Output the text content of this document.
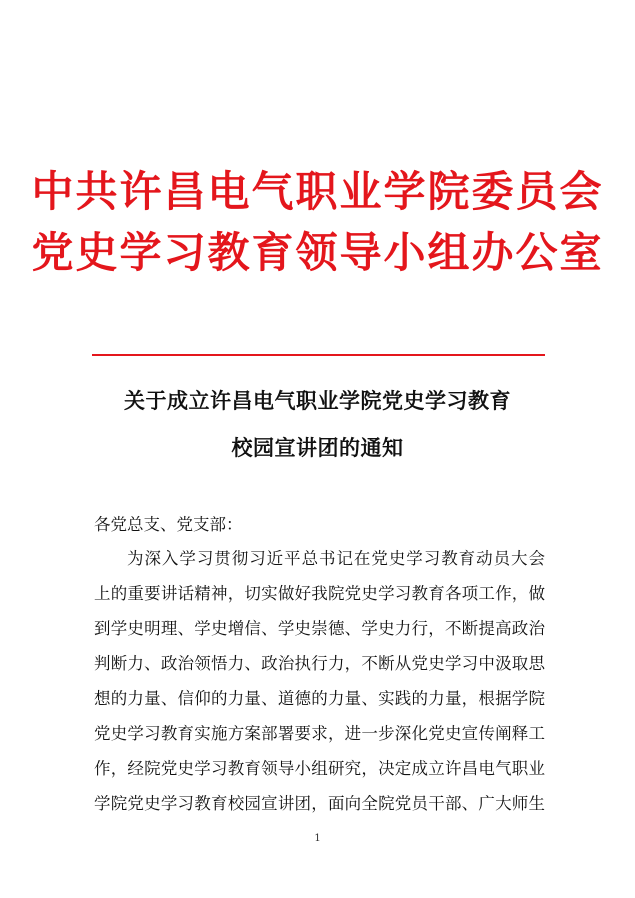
中共许昌电气职业学院委员会
党史学习教育领导小组办公室
关于成立许昌电气职业学院党史学习教育
校园宣讲团的通知
各党总支、党支部：
为深入学习贯彻习近平总书记在党史学习教育动员大会
上的重要讲话精神，切实做好我院党史学习教育各项工作，做
到学史明理、学史增信、学史崇德、学史力行，不断提高政治
判断力、政治领悟力、政治执行力，不断从党史学习中汲取思
想的力量、信仰的力量、道德的力量、实践的力量，根据学院
党史学习教育实施方案部署要求，进一步深化党史宣传阐释工
作，经院党史学习教育领导小组研究，决定成立许昌电气职业
学院党史学习教育校园宣讲团，面向全院党员干部、广大师生
1
